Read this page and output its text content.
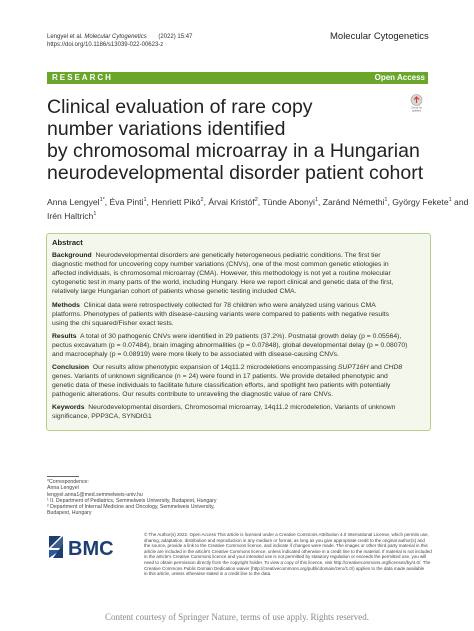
Lengyel et al. Molecular Cytogenetics (2022) 15:47
https://doi.org/10.1186/s13039-022-00623-z
Molecular Cytogenetics
RESEARCH	Open Access
Check for
updates
Clinical evaluation of rare copy
number variations identified
by chromosomal microarray in a Hungarian
neurodevelopmental disorder patient cohort
Anna Lengyel$^{1*}$, Éva Pinti$^1$, Henriett Pikó$^2$, Árvai Kristóf$^2$, Tünde Abonyi$^1$, Zaránd Némethi$^1$, György Fekete$^1$ and
Irén Haltrich$^1$
Abstract
Background Neurodevelopmental disorders are genetically heterogeneous pediatric conditions. The first tier
diagnostic method for uncovering copy number variations (CNVs), one of the most common genetic etiologies in
affected individuals, is chromosomal microarray (CMA). However, this methodology is not yet a routine molecular
cytogenetic test in many parts of the world, including Hungary. Here we report clinical and genetic data of the first,
relatively large Hungarian cohort of patients whose genetic testing included CMA.
Methods Clinical data were retrospectively collected for 78 children who were analyzed using various CMA
platforms. Phenotypes of patients with disease-causing variants were compared to patients with negative results
using the chi squared/Fisher exact tests.
Results A total of 30 pathogenic CNVs were identified in 29 patients (37.2%). Postnatal growth delay (p = 0.05564),
pectus excavatum (p = 0.07484), brain imaging abnormalities (p = 0.07848), global developmental delay (p = 0.08070)
and macrocephaly (p = 0.08919) were more likely to be associated with disease-causing CNVs.
Conclusion Our results allow phenotypic expansion of 14q11.2 microdeletions encompassing SUPT16H and CHD8
genes. Variants of unknown significance (n = 24) were found in 17 patients. We provide detailed phenotypic and
genetic data of these individuals to facilitate future classification efforts, and spotlight two patients with potentially
pathogenic alterations. Our results contribute to unraveling the diagnostic value of rare CNVs.
Keywords Neurodevelopmental disorders, Chromosomal microarray, 14q11.2 microdeletion, Variants of unknown
significance, PPP3CA, SYNDIG1
*Correspondence:
Anna Lengyel
lengyel.anna1@med.semmelweis-univ.hu
¹ II. Department of Pediatrics, Semmelweis University, Budapest, Hungary
² Department of Internal Medicine and Oncology, Semmelweis University,
Budapest, Hungary
BMC
© The Author(s) 2022. Open Access This article is licensed under a Creative Commons Attribution 4.0 International License, which permits use,
sharing, adaptation, distribution and reproduction in any medium or format, as long as you give appropriate credit to the original author(s) and
the source, provide a link to the Creative Commons licence, and indicate if changes were made. The images or other third party material in this
article are included in the article's Creative Commons licence, unless indicated otherwise in a credit line to the material. If material is not included
in the article's Creative Commons licence and your intended use is not permitted by statutory regulation or exceeds the permitted use, you will
need to obtain permission directly from the copyright holder. To view a copy of this licence, visit http://creativecommons.org/licenses/by/4.0/. The
Creative Commons Public Domain Dedication waiver (http://creativecommons.org/publicdomain/zero/1.0/) applies to the data made available
in this article, unless otherwise stated in a credit line to the data.
Content courtesy of Springer Nature, terms of use apply. Rights reserved.
